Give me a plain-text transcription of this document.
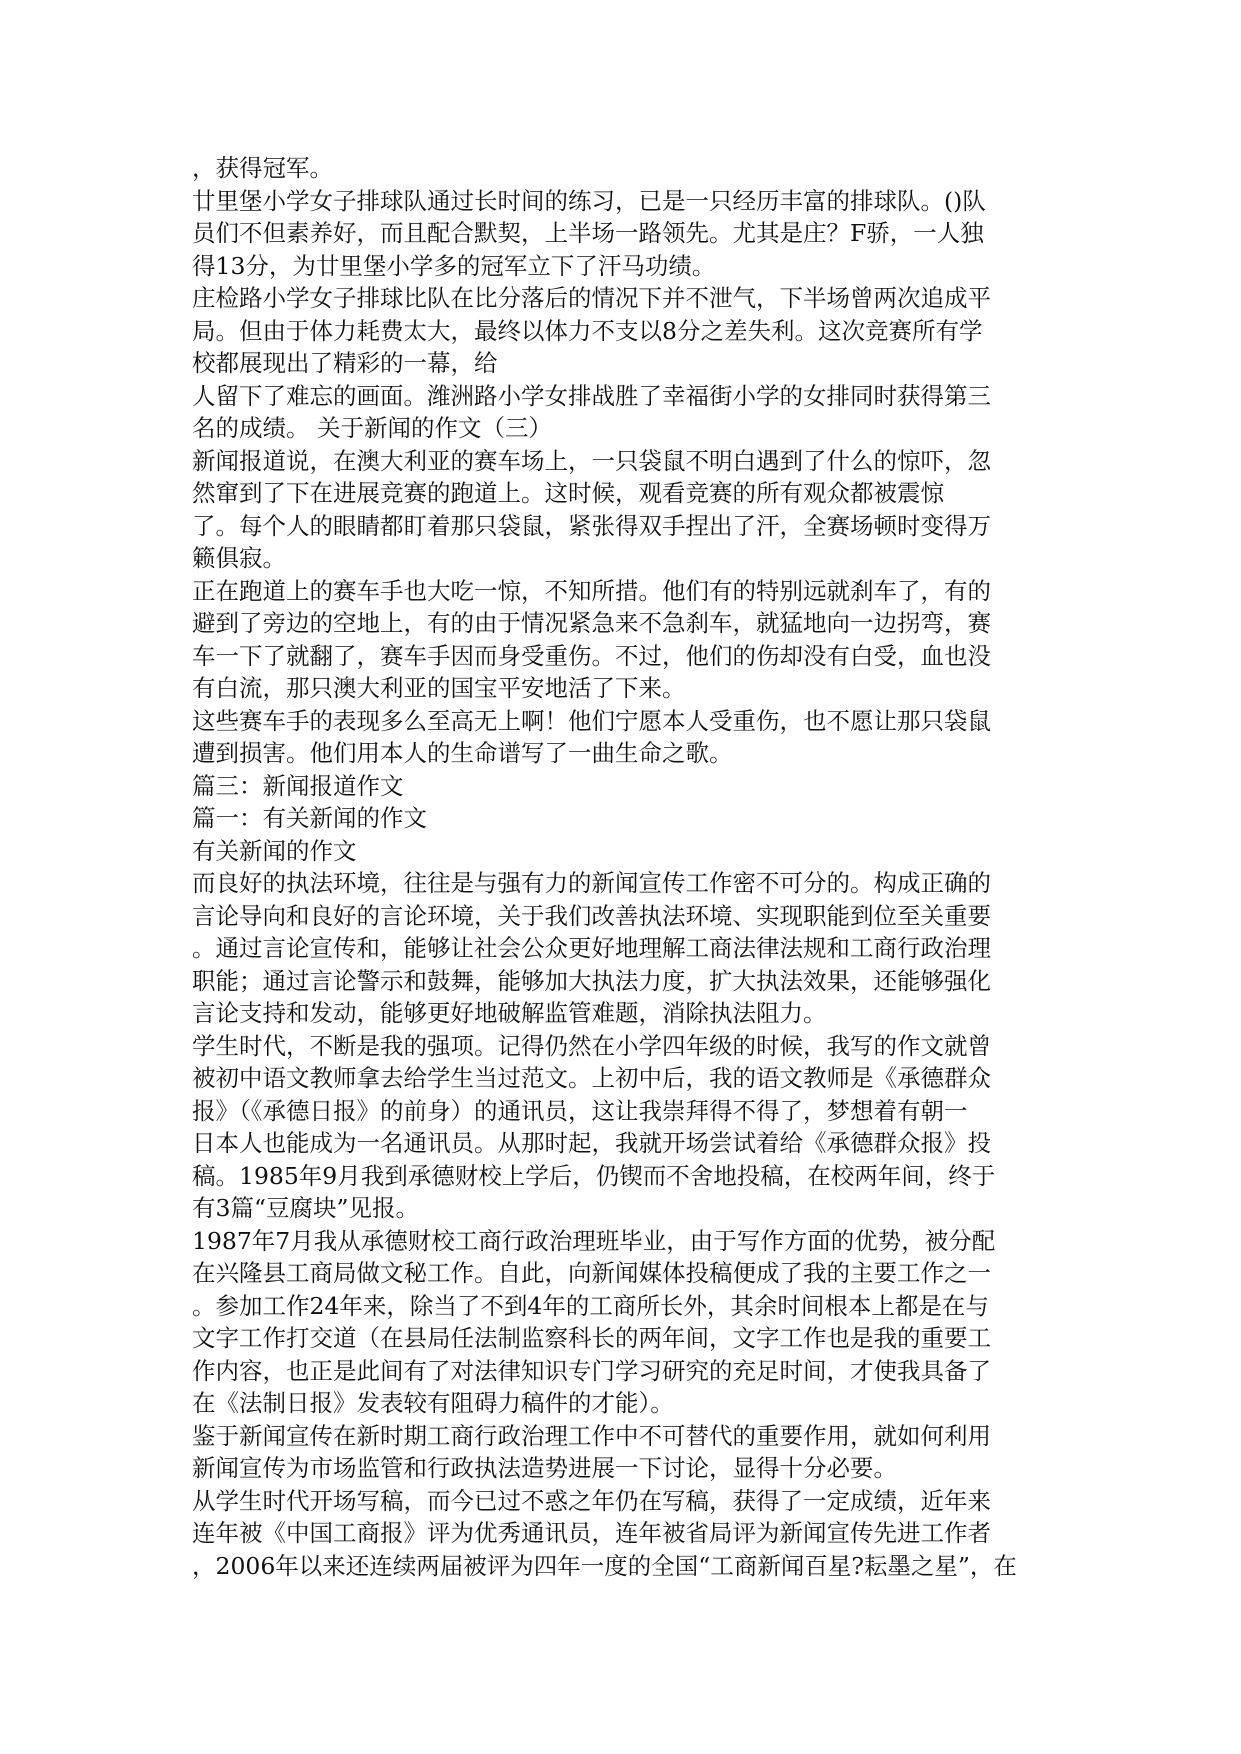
，获得冠军。
廿里堡小学女子排球队通过长时间的练习，已是一只经历丰富的排球队。()队
员们不但素养好，而且配合默契，上半场一路领先。尤其是庄？F骄，一人独
得13分，为廿里堡小学多的冠军立下了汗马功绩。
庄检路小学女子排球比队在比分落后的情况下并不泄气，下半场曾两次追成平
局。但由于体力耗费太大，最终以体力不支以8分之差失利。这次竞赛所有学
校都展现出了精彩的一幕，给
人留下了难忘的画面。潍洲路小学女排战胜了幸福街小学的女排同时获得第三
名的成绩。 关于新闻的作文（三）
新闻报道说，在澳大利亚的赛车场上，一只袋鼠不明白遇到了什么的惊吓，忽
然窜到了下在进展竞赛的跑道上。这时候，观看竞赛的所有观众都被震惊
了。每个人的眼睛都盯着那只袋鼠，紧张得双手捏出了汗，全赛场顿时变得万
籁俱寂。
正在跑道上的赛车手也大吃一惊，不知所措。他们有的特别远就刹车了，有的
避到了旁边的空地上，有的由于情况紧急来不急刹车，就猛地向一边拐弯，赛
车一下了就翻了，赛车手因而身受重伤。不过，他们的伤却没有白受，血也没
有白流，那只澳大利亚的国宝平安地活了下来。
这些赛车手的表现多么至高无上啊！他们宁愿本人受重伤，也不愿让那只袋鼠
遭到损害。他们用本人的生命谱写了一曲生命之歌。
篇三：新闻报道作文
篇一：有关新闻的作文
有关新闻的作文
而良好的执法环境，往往是与强有力的新闻宣传工作密不可分的。构成正确的
言论导向和良好的言论环境，关于我们改善执法环境、实现职能到位至关重要
。通过言论宣传和，能够让社会公众更好地理解工商法律法规和工商行政治理
职能；通过言论警示和鼓舞，能够加大执法力度，扩大执法效果，还能够强化
言论支持和发动，能够更好地破解监管难题，消除执法阻力。
学生时代，不断是我的强项。记得仍然在小学四年级的时候，我写的作文就曾
被初中语文教师拿去给学生当过范文。上初中后，我的语文教师是《承德群众
报》（《承德日报》的前身）的通讯员，这让我崇拜得不得了，梦想着有朝一
日本人也能成为一名通讯员。从那时起，我就开场尝试着给《承德群众报》投
稿。1985年9月我到承德财校上学后，仍锲而不舍地投稿，在校两年间，终于
有3篇“豆腐块”见报。
1987年7月我从承德财校工商行政治理班毕业，由于写作方面的优势，被分配
在兴隆县工商局做文秘工作。自此，向新闻媒体投稿便成了我的主要工作之一
。参加工作24年来，除当了不到4年的工商所长外，其余时间根本上都是在与
文字工作打交道（在县局任法制监察科长的两年间，文字工作也是我的重要工
作内容，也正是此间有了对法律知识专门学习研究的充足时间，才使我具备了
在《法制日报》发表较有阻碍力稿件的才能）。
鉴于新闻宣传在新时期工商行政治理工作中不可替代的重要作用，就如何利用
新闻宣传为市场监管和行政执法造势进展一下讨论，显得十分必要。
从学生时代开场写稿，而今已过不惑之年仍在写稿，获得了一定成绩，近年来
连年被《中国工商报》评为优秀通讯员，连年被省局评为新闻宣传先进工作者
，2006年以来还连续两届被评为四年一度的全国“工商新闻百星?耘墨之星”，在
